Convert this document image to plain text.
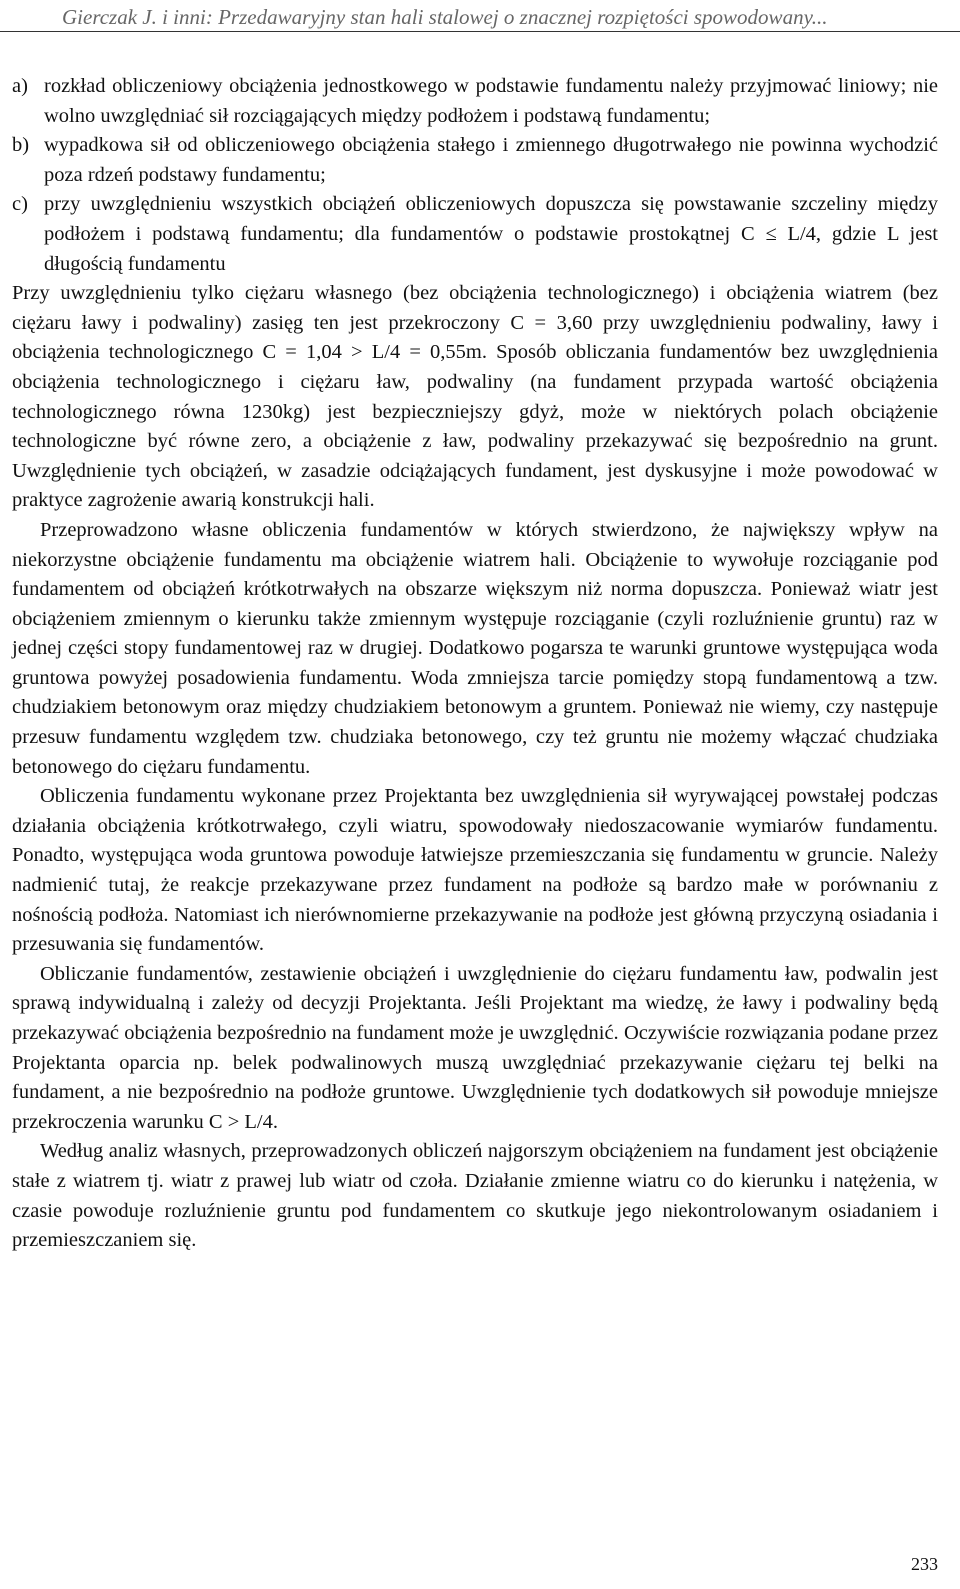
Gierczak J. i inni: Przedawaryjny stan hali stalowej o znacznej rozpiętości spowodowany...
a) rozkład obliczeniowy obciążenia jednostkowego w podstawie fundamentu należy przyjmować liniowy; nie wolno uwzględniać sił rozciągających między podłożem i podstawą fundamentu;
b) wypadkowa sił od obliczeniowego obciążenia stałego i zmiennego długotrwałego nie powinna wychodzić poza rdzeń podstawy fundamentu;
c) przy uwzględnieniu wszystkich obciążeń obliczeniowych dopuszcza się powstawanie szczeliny między podłożem i podstawą fundamentu; dla fundamentów o podstawie prostokątnej C ≤ L/4, gdzie L jest długością fundamentu

Przy uwzględnieniu tylko ciężaru własnego (bez obciążenia technologicznego) i obciążenia wiatrem (bez ciężaru ławy i podwaliny) zasięg ten jest przekroczony C = 3,60 przy uwzględnieniu podwaliny, ławy i obciążenia technologicznego C = 1,04 > L/4 = 0,55m. Sposób obliczania fundamentów bez uwzględnienia obciążenia technologicznego i ciężaru ław, podwaliny (na fundament przypada wartość obciążenia technologicznego równa 1230kg) jest bezpieczniejszy gdyż, może w niektórych polach obciążenie technologiczne być równe zero, a obciążenie z ław, podwaliny przekazywać się bezpośrednio na grunt. Uwzględnienie tych obciążeń, w zasadzie odciążających fundament, jest dyskusyjne i może powodować w praktyce zagrożenie awarią konstrukcji hali.

Przeprowadzono własne obliczenia fundamentów w których stwierdzono, że największy wpływ na niekorzystne obciążenie fundamentu ma obciążenie wiatrem hali. Obciążenie to wywołuje rozciąganie pod fundamentem od obciążeń krótkotrwałych na obszarze większym niż norma dopuszcza. Ponieważ wiatr jest obciążeniem zmiennym o kierunku także zmiennym występuje rozciąganie (czyli rozluźnienie gruntu) raz w jednej części stopy fundamentowej raz w drugiej. Dodatkowo pogarsza te warunki gruntowe występująca woda gruntowa powyżej posadowienia fundamentu. Woda zmniejsza tarcie pomiędzy stopą fundamentową a tzw. chudziakiem betonowym oraz między chudziakiem betonowym a gruntem. Ponieważ nie wiemy, czy następuje przesuw fundamentu względem tzw. chudziaka betonowego, czy też gruntu nie możemy włączać chudziaka betonowego do ciężaru fundamentu.

Obliczenia fundamentu wykonane przez Projektanta bez uwzględnienia sił wyrywającej powstałej podczas działania obciążenia krótkotrwałego, czyli wiatru, spowodowały niedoszacowanie wymiarów fundamentu. Ponadto, występująca woda gruntowa powoduje łatwiejsze przemieszczania się fundamentu w gruncie. Należy nadmienić tutaj, że reakcje przekazywane przez fundament na podłoże są bardzo małe w porównaniu z nośnością podłoża. Natomiast ich nierównomierne przekazywanie na podłoże jest główną przyczyną osiadania i przesuwania się fundamentów.

Obliczanie fundamentów, zestawienie obciążeń i uwzględnienie do ciężaru fundamentu ław, podwalin jest sprawą indywidualną i zależy od decyzji Projektanta. Jeśli Projektant ma wiedzę, że ławy i podwaliny będą przekazywać obciążenia bezpośrednio na fundament może je uwzględnić. Oczywiście rozwiązania podane przez Projektanta oparcia np. belek podwalinowych muszą uwzględniać przekazywanie ciężaru tej belki na fundament, a nie bezpośrednio na podłoże gruntowe. Uwzględnienie tych dodatkowych sił powoduje mniejsze przekroczenia warunku C > L/4.

Według analiz własnych, przeprowadzonych obliczeń najgorszym obciążeniem na fundament jest obciążenie stałe z wiatrem tj. wiatr z prawej lub wiatr od czoła. Działanie zmienne wiatru co do kierunku i natężenia, w czasie powoduje rozluźnienie gruntu pod fundamentem co skutkuje jego niekontrolowanym osiadaniem i przemieszczaniem się.

233
